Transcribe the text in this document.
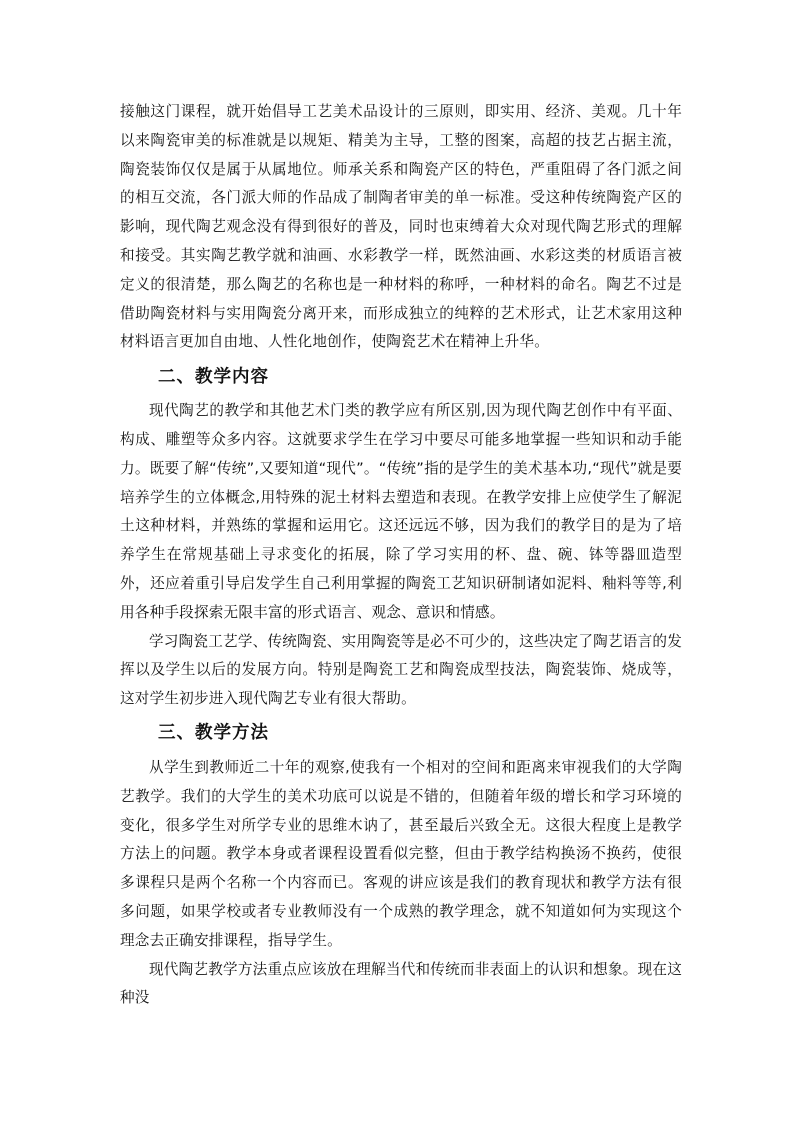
接触这门课程，就开始倡导工艺美术品设计的三原则，即实用、经济、美观。几十年以来陶瓷审美的标准就是以规矩、精美为主导，工整的图案，高超的技艺占据主流，陶瓷装饰仅仅是属于从属地位。师承关系和陶瓷产区的特色，严重阻碍了各门派之间的相互交流，各门派大师的作品成了制陶者审美的单一标准。受这种传统陶瓷产区的影响，现代陶艺观念没有得到很好的普及，同时也束缚着大众对现代陶艺形式的理解和接受。其实陶艺教学就和油画、水彩教学一样，既然油画、水彩这类的材质语言被定义的很清楚，那么陶艺的名称也是一种材料的称呼，一种材料的命名。陶艺不过是借助陶瓷材料与实用陶瓷分离开来，而形成独立的纯粹的艺术形式，让艺术家用这种材料语言更加自由地、人性化地创作，使陶瓷艺术在精神上升华。

二、教学内容

现代陶艺的教学和其他艺术门类的教学应有所区别,因为现代陶艺创作中有平面、构成、雕塑等众多内容。这就要求学生在学习中要尽可能多地掌握一些知识和动手能力。既要了解“传统”,又要知道“现代”。“传统”指的是学生的美术基本功,“现代”就是要培养学生的立体概念,用特殊的泥土材料去塑造和表现。在教学安排上应使学生了解泥土这种材料，并熟练的掌握和运用它。这还远远不够，因为我们的教学目的是为了培养学生在常规基础上寻求变化的拓展，除了学习实用的杯、盘、碗、钵等器皿造型外，还应着重引导启发学生自己利用掌握的陶瓷工艺知识研制诸如泥料、釉料等等,利用各种手段探索无限丰富的形式语言、观念、意识和情感。

学习陶瓷工艺学、传统陶瓷、实用陶瓷等是必不可少的，这些决定了陶艺语言的发挥以及学生以后的发展方向。特别是陶瓷工艺和陶瓷成型技法，陶瓷装饰、烧成等，这对学生初步进入现代陶艺专业有很大帮助。

三、教学方法

从学生到教师近二十年的观察,使我有一个相对的空间和距离来审视我们的大学陶艺教学。我们的大学生的美术功底可以说是不错的，但随着年级的增长和学习环境的变化，很多学生对所学专业的思维木讷了，甚至最后兴致全无。这很大程度上是教学方法上的问题。教学本身或者课程设置看似完整，但由于教学结构换汤不换药，使很多课程只是两个名称一个内容而已。客观的讲应该是我们的教育现状和教学方法有很多问题，如果学校或者专业教师没有一个成熟的教学理念，就不知道如何为实现这个理念去正确安排课程，指导学生。

现代陶艺教学方法重点应该放在理解当代和传统而非表面上的认识和想象。现在这种没
